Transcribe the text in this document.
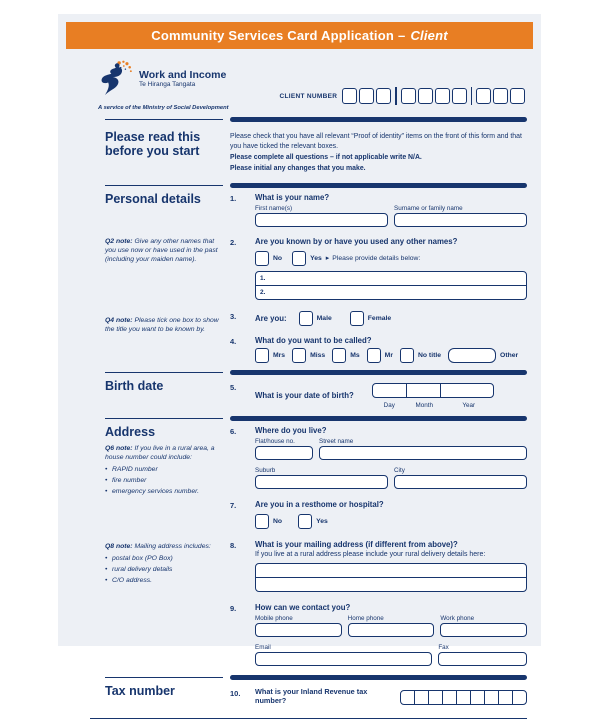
Community Services Card Application – Client
Work and Income
Te Hiranga Tangata
A service of the Ministry of Social Development
CLIENT NUMBER
Please read this
before you start
Please check that you have all relevant “Proof of identity” items on the front of this form and that you have ticked the relevant boxes.
Please complete all questions – if not applicable write N/A.
Please initial any changes that you make.
Personal details
Q2 note: Give any other names that you use now or have used in the past (including your maiden name).
Q4 note: Please tick one box to show the title you want to be known by.
1.	What is your name?
First name(s)	Surname or family name
2.	Are you known by or have you used any other names?
No	Yes ▸ Please provide details below:
1.
2.
3.	Are you:	Male	Female
4.	What do you want to be called?
Mrs	Miss	Ms	Mr	No title	Other
Birth date	5.
What is your date of birth?
Day	Month	Year
Address
Q6 note: If you live in a rural area, a house number could include:
• RAPID number
• fire number
• emergency services number.
Q8 note: Mailing address includes:
• postal box (PO Box)
• rural delivery details
• C/O address.
6.	Where do you live?
Flat/house no.	Street name
Suburb	City
7.	Are you in a resthome or hospital?
No	Yes
8.	What is your mailing address (if different from above)?
If you live at a rural address please include your rural delivery details here:
9.	How can we contact you?
Mobile phone	Home phone	Work phone
Email	Fax
Tax number	10.	What is your Inland Revenue tax number?
